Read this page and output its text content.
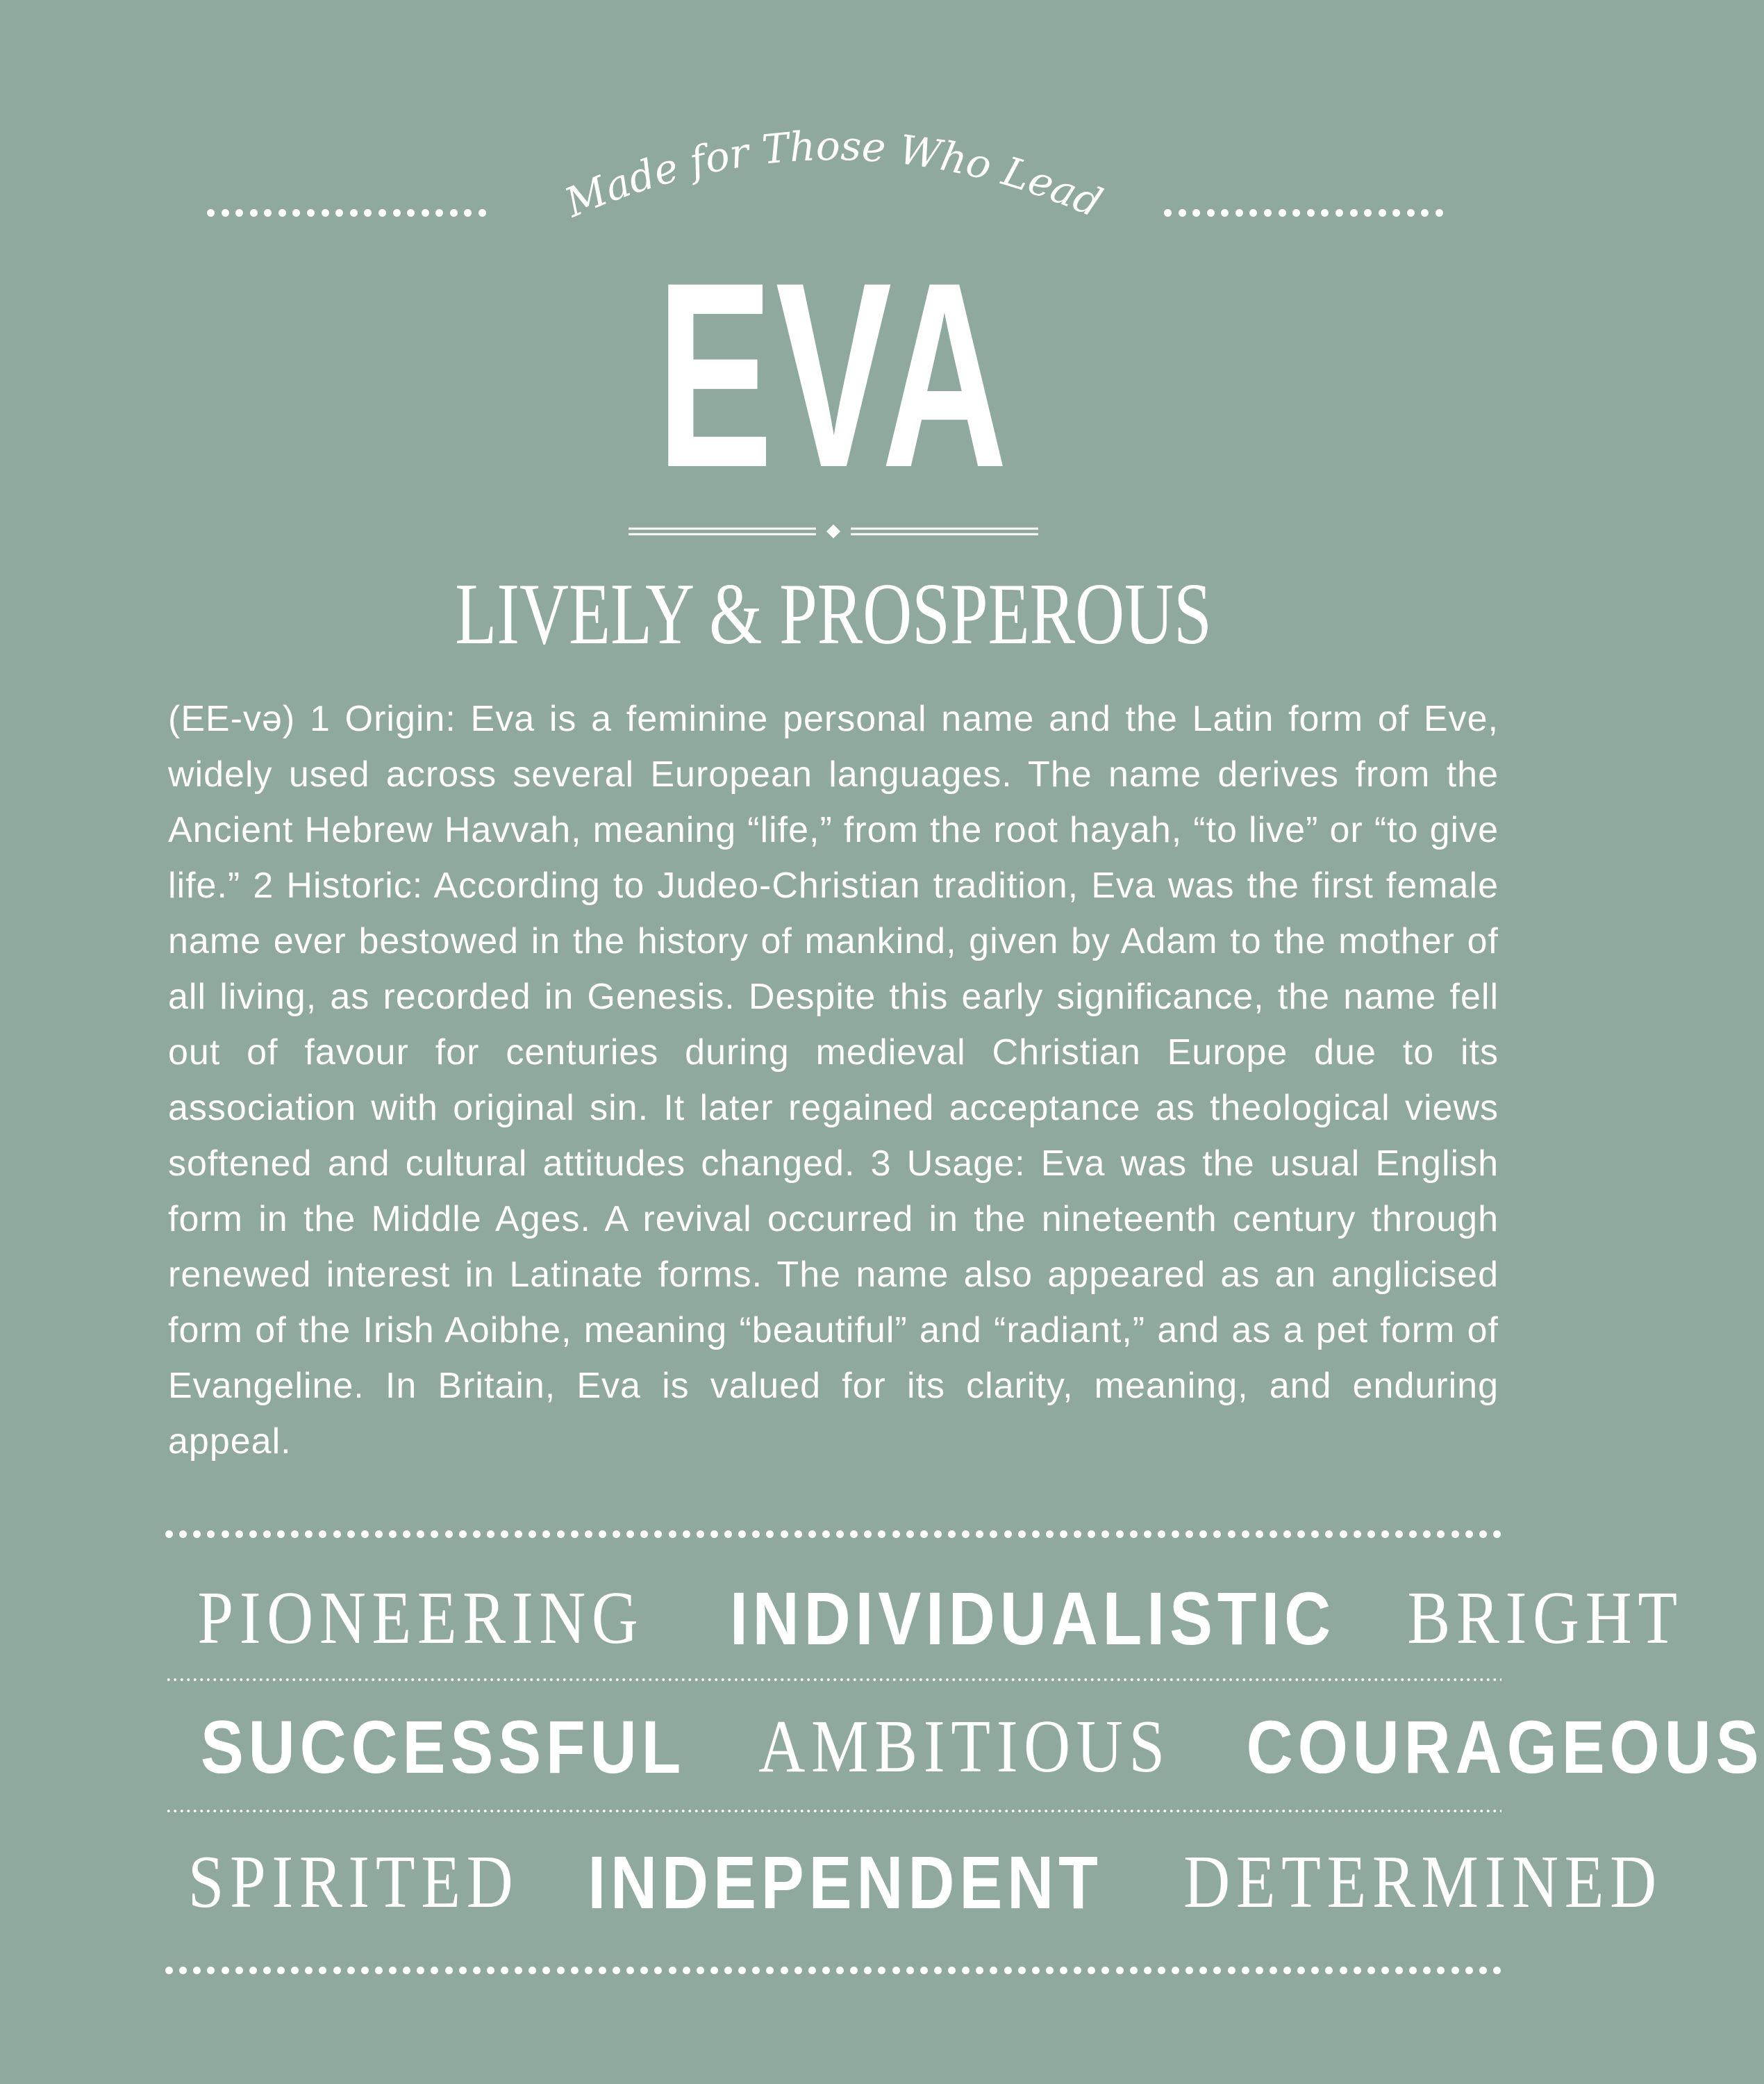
Made for Those Who Lead
EVA
LIVELY & PROSPEROUS
(EE-və) 1 Origin: Eva is a feminine personal name and the Latin form of Eve, widely used across several European languages. The name derives from the Ancient Hebrew Havvah, meaning “life,” from the root hayah, “to live” or “to give life.” 2 Historic: According to Judeo-Christian tradition, Eva was the first female name ever bestowed in the history of mankind, given by Adam to the mother of all living, as recorded in Genesis. Despite this early significance, the name fell out of favour for centuries during medieval Christian Europe due to its association with original sin. It later regained acceptance as theological views softened and cultural attitudes changed. 3 Usage: Eva was the usual English form in the Middle Ages. A revival occurred in the nineteenth century through renewed interest in Latinate forms. The name also appeared as an anglicised form of the Irish Aoibhe, meaning “beautiful” and “radiant,” and as a pet form of Evangeline. In Britain, Eva is valued for its clarity, meaning, and enduring appeal.
PIONEERING INDIVIDUALISTIC BRIGHT
SUCCESSFUL AMBITIOUS COURAGEOUS
SPIRITED INDEPENDENT DETERMINED
